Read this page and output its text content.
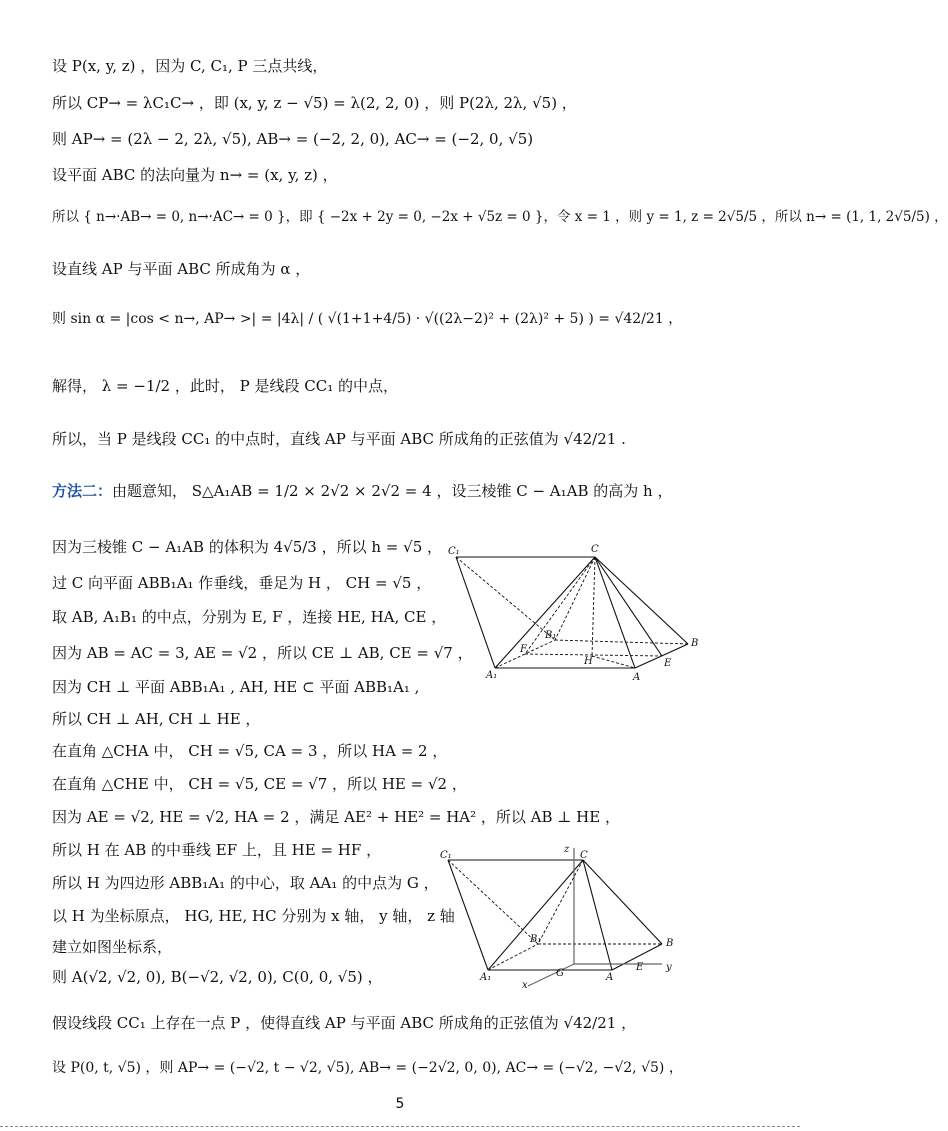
设 P(x, y, z) ，因为 C, C₁, P 三点共线，
所以 CP→ = λC₁C→ ，即 (x, y, z − √5) = λ(2, 2, 0) ，则 P(2λ, 2λ, √5) ，
则 AP→ = (2λ − 2, 2λ, √5), AB→ = (−2, 2, 0), AC→ = (−2, 0, √5)
设平面 ABC 的法向量为 n→ = (x, y, z) ，
所以 { n→·AB→ = 0, n→·AC→ = 0 }，即 { −2x + 2y = 0, −2x + √5z = 0 }，令 x = 1 ，则 y = 1, z = 2√5/5 ，所以 n→ = (1, 1, 2√5/5) ，
设直线 AP 与平面 ABC 所成角为 α ，
则 sin α = |cos < n→, AP→ >| = |4λ| / ( √(1+1+4/5) · √((2λ−2)² + (2λ)² + 5) ) = √42/21 ，
解得， λ = −1/2 ，此时， P 是线段 CC₁ 的中点，
所以，当 P 是线段 CC₁ 的中点时，直线 AP 与平面 ABC 所成角的正弦值为 √42/21 .
方法二：由题意知， S△A₁AB = 1/2 × 2√2 × 2√2 = 4 ，设三棱锥 C − A₁AB 的高为 h ，
因为三棱锥 C − A₁AB 的体积为 4√5/3 ，所以 h = √5 ，
过 C 向平面 ABB₁A₁ 作垂线，垂足为 H ， CH = √5 ，
取 AB, A₁B₁ 的中点，分别为 E, F ，连接 HE, HA, CE ，
因为 AB = AC = 3, AE = √2 ，所以 CE ⊥ AB, CE = √7 ，
因为 CH ⊥ 平面 ABB₁A₁ , AH, HE ⊂ 平面 ABB₁A₁ ,
所以 CH ⊥ AH, CH ⊥ HE ，
在直角 △CHA 中， CH = √5, CA = 3 ，所以 HA = 2 ，
在直角 △CHE 中， CH = √5, CE = √7 ，所以 HE = √2 ，
因为 AE = √2, HE = √2, HA = 2 ，满足 AE² + HE² = HA² ，所以 AB ⊥ HE ，
所以 H 在 AB 的中垂线 EF 上，且 HE = HF ，
所以 H 为四边形 ABB₁A₁ 的中心，取 AA₁ 的中点为 G ，
以 H 为坐标原点， HG, HE, HC 分别为 x 轴， y 轴， z 轴
建立如图坐标系，
则 A(√2, √2, 0), B(−√2, √2, 0), C(0, 0, √5) ，
假设线段 CC₁ 上存在一点 P ，使得直线 AP 与平面 ABC 所成角的正弦值为 √42/21 ，
设 P(0, t, √5) ，则 AP→ = (−√2, t − √2, √5), AB→ = (−2√2, 0, 0), AC→ = (−√2, −√2, √5) ，
C₁	C
B₁
F
H
A₁	A
E
B
C₁
z
C
B₁
G
A₁	A
E
B
y
x
5
